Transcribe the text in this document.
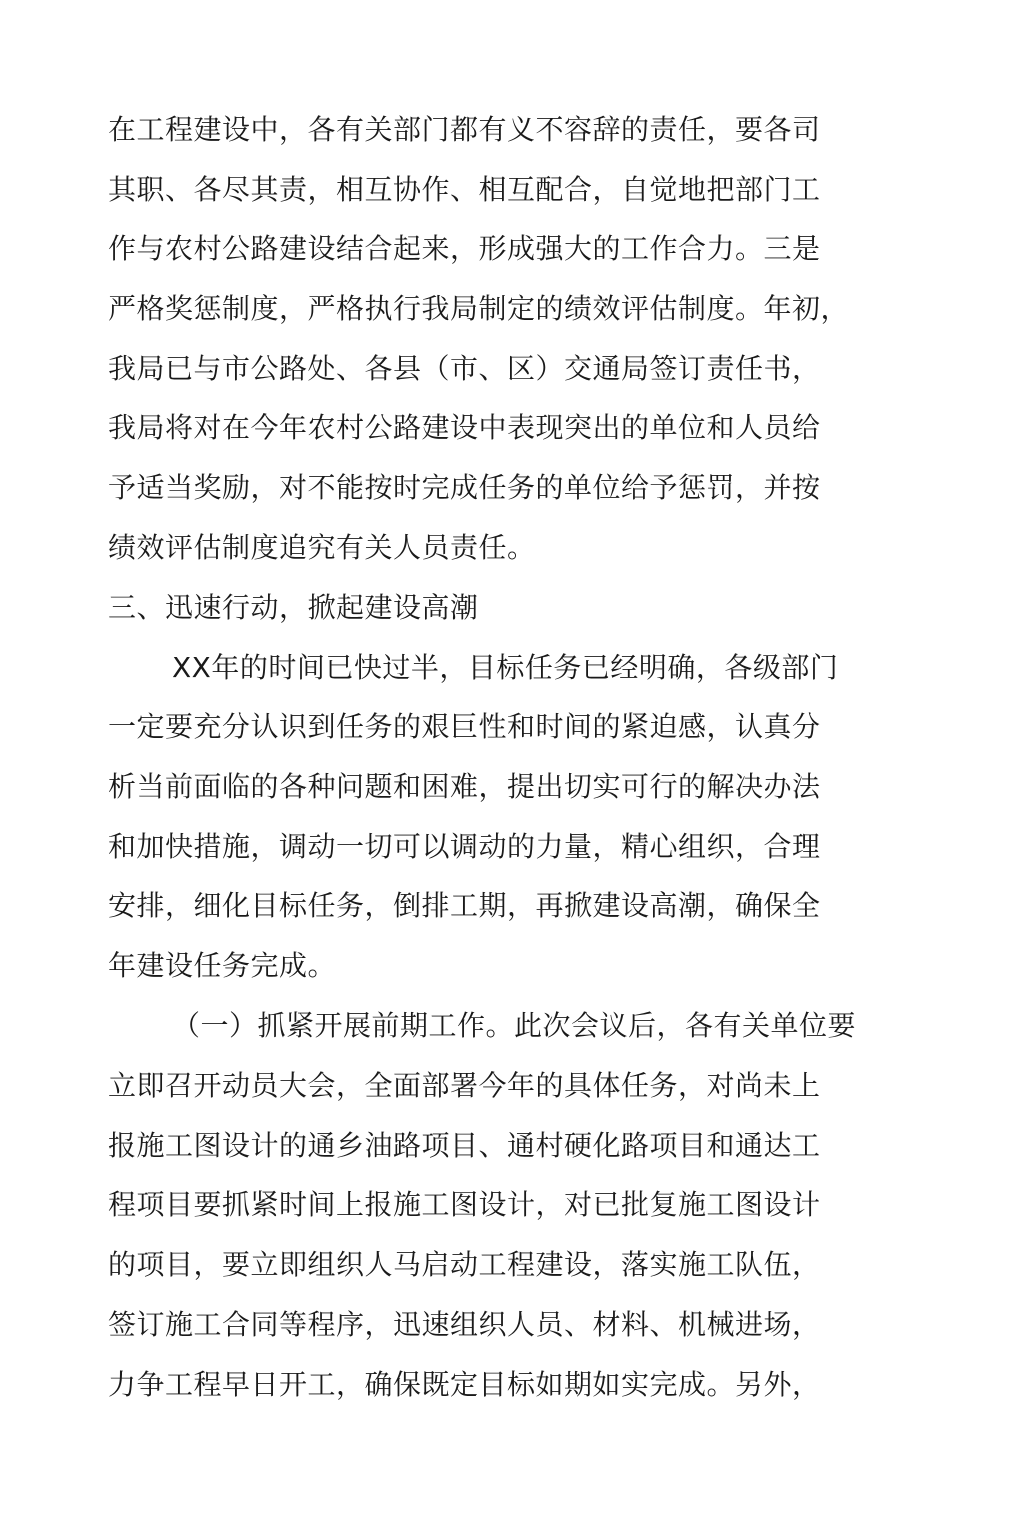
在工程建设中，各有关部门都有义不容辞的责任，要各司
其职、各尽其责，相互协作、相互配合，自觉地把部门工
作与农村公路建设结合起来，形成强大的工作合力。三是
严格奖惩制度，严格执行我局制定的绩效评估制度。年初，
我局已与市公路处、各县（市、区）交通局签订责任书，
我局将对在今年农村公路建设中表现突出的单位和人员给
予适当奖励，对不能按时完成任务的单位给予惩罚，并按
绩效评估制度追究有关人员责任。
三、迅速行动，掀起建设高潮
XX年的时间已快过半，目标任务已经明确，各级部门
一定要充分认识到任务的艰巨性和时间的紧迫感，认真分
析当前面临的各种问题和困难，提出切实可行的解决办法
和加快措施，调动一切可以调动的力量，精心组织，合理
安排，细化目标任务，倒排工期，再掀建设高潮，确保全
年建设任务完成。
（一）抓紧开展前期工作。此次会议后，各有关单位要
立即召开动员大会，全面部署今年的具体任务，对尚未上
报施工图设计的通乡油路项目、通村硬化路项目和通达工
程项目要抓紧时间上报施工图设计，对已批复施工图设计
的项目，要立即组织人马启动工程建设，落实施工队伍，
签订施工合同等程序，迅速组织人员、材料、机械进场，
力争工程早日开工，确保既定目标如期如实完成。另外，
